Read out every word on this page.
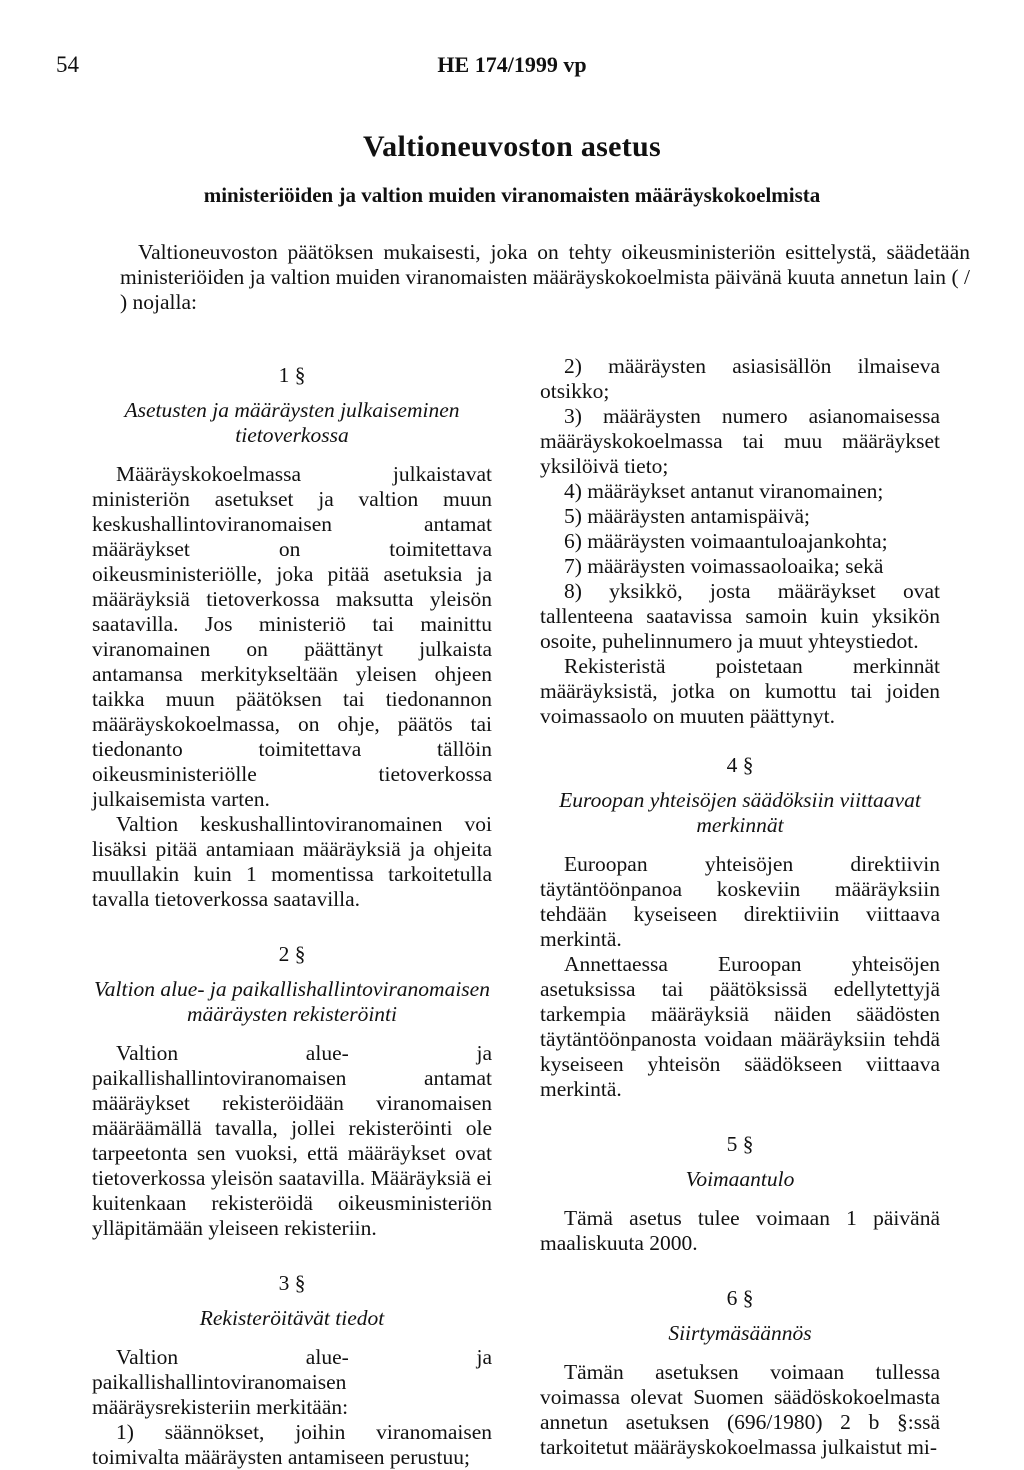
54	HE 174/1999 vp
Valtioneuvoston asetus
ministeriöiden ja valtion muiden viranomaisten määräyskokoelmista
Valtioneuvoston päätöksen mukaisesti, joka on tehty oikeusministeriön esittelystä, säädetään ministeriöiden ja valtion muiden viranomaisten määräyskokoelmista päivänä kuuta annetun lain ( / ) nojalla:
1 §
Asetusten ja määräysten julkaiseminen tietoverkossa

Määräyskokoelmassa julkaistavat ministeriön asetukset ja valtion muun keskushallintoviranomaisen antamat määräykset on toimitettava oikeusministeriölle, joka pitää asetuksia ja määräyksiä tietoverkossa maksutta yleisön saatavilla. Jos ministeriö tai mainittu viranomainen on päättänyt julkaista antamansa merkitykseltään yleisen ohjeen taikka muun päätöksen tai tiedonannon määräyskokoelmassa, on ohje, päätös tai tiedonanto toimitettava tällöin oikeusministeriölle tietoverkossa julkaisemista varten.

Valtion keskushallintoviranomainen voi lisäksi pitää antamiaan määräyksiä ja ohjeita muullakin kuin 1 momentissa tarkoitetulla tavalla tietoverkossa saatavilla.

2 §
Valtion alue- ja paikallishallintoviranomaisen määräysten rekisteröinti

Valtion alue- ja paikallishallintoviranomaisen antamat määräykset rekisteröidään viranomaisen määräämällä tavalla, jollei rekisteröinti ole tarpeetonta sen vuoksi, että määräykset ovat tietoverkossa yleisön saatavilla. Määräyksiä ei kuitenkaan rekisteröidä oikeusministeriön ylläpitämään yleiseen rekisteriin.

3 §
Rekisteröitävät tiedot

Valtion alue- ja paikallishallintoviranomaisen määräysrekisteriin merkitään:

1) säännökset, joihin viranomaisen toimivalta määräysten antamiseen perustuu;
2) määräysten asiasisällön ilmaiseva otsikko;
3) määräysten numero asianomaisessa määräyskokoelmassa tai muu määräykset yksilöivä tieto;
4) määräykset antanut viranomainen;
5) määräysten antamispäivä;
6) määräysten voimaantuloajankohta;
7) määräysten voimassaoloaika; sekä
8) yksikkö, josta määräykset ovat tallenteena saatavissa samoin kuin yksikön osoite, puhelinnumero ja muut yhteystiedot.

Rekisteristä poistetaan merkinnät määräyksistä, jotka on kumottu tai joiden voimassaolo on muuten päättynyt.

4 §
Euroopan yhteisöjen säädöksiin viittaavat merkinnät

Euroopan yhteisöjen direktiivin täytäntöönpanoa koskeviin määräyksiin tehdään kyseiseen direktiiviin viittaava merkintä.

Annettaessa Euroopan yhteisöjen asetuksissa tai päätöksissä edellytettyjä tarkempia määräyksiä näiden säädösten täytäntöönpanosta voidaan määräyksiin tehdä kyseiseen yhteisön säädökseen viittaava merkintä.

5 §
Voimaantulo

Tämä asetus tulee voimaan 1 päivänä maaliskuuta 2000.

6 §
Siirtymäsäännös

Tämän asetuksen voimaan tullessa voimassa olevat Suomen säädöskokoelmasta annetun asetuksen (696/1980) 2 b §:ssä tarkoitetut määräyskokoelmassa julkaistut mi-
